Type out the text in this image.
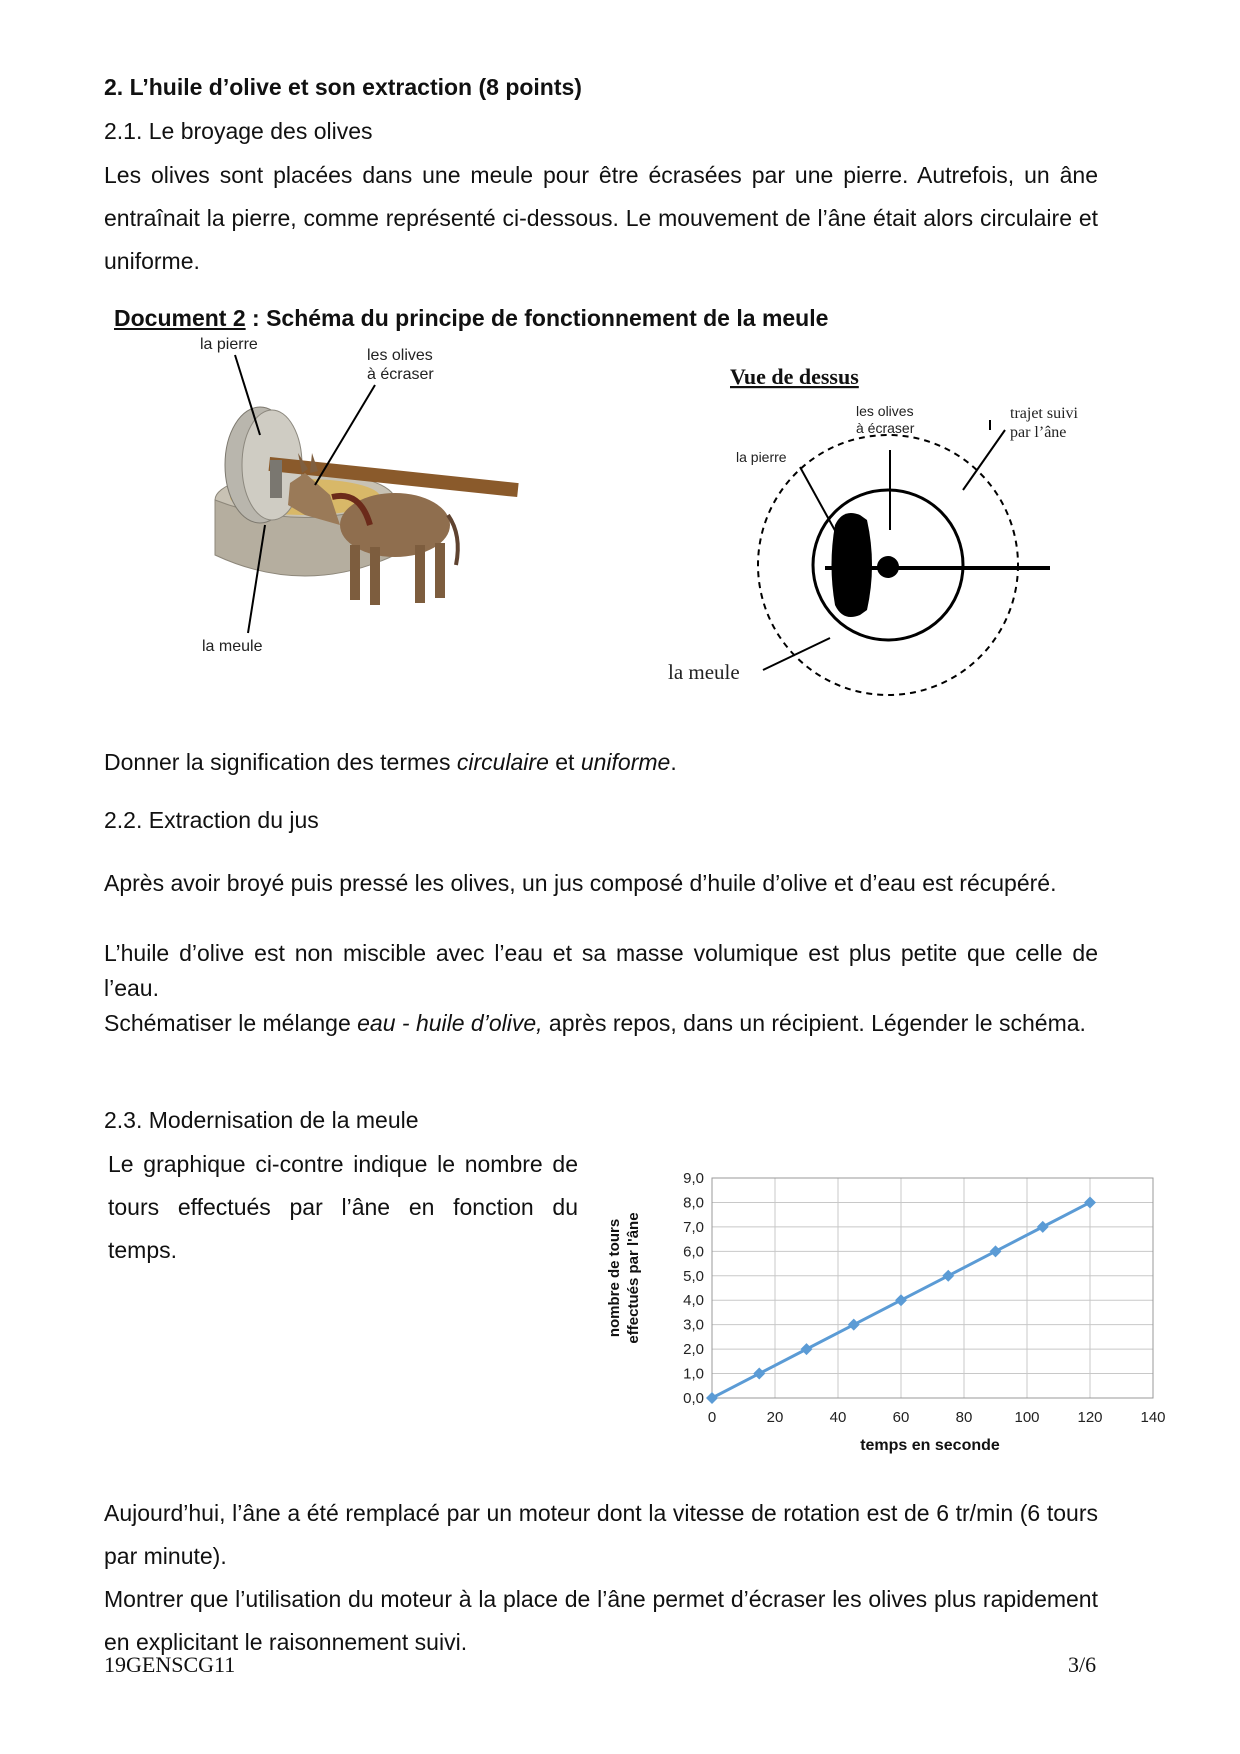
2. L’huile d’olive et son extraction (8 points)
2.1. Le broyage des olives
Les olives sont placées dans une meule pour être écrasées par une pierre. Autrefois, un âne entraînait la pierre, comme représenté ci-dessous. Le mouvement de l’âne était alors circulaire et uniforme.
Document 2 : Schéma du principe de fonctionnement de la meule
la pierre
les olives
à écraser
la meule
Vue de dessus
les olives
à écraser
la pierre
trajet suivi
par l’âne
la meule
Donner la signification des termes circulaire et uniforme.
2.2. Extraction du jus
Après avoir broyé puis pressé les olives, un jus composé d’huile d’olive et d’eau est récupéré.
L’huile d’olive est non miscible avec l’eau et sa masse volumique est plus petite que celle de l’eau.
Schématiser le mélange eau - huile d’olive, après repos, dans un récipient. Légender le schéma.
2.3. Modernisation de la meule
Le graphique ci-contre indique le nombre de tours effectués par l’âne en fonction du temps.
0,0
1,0
2,0
3,0
4,0
5,0
6,0
7,0
8,0
9,0
0	20	40	60	80	100	120	140
temps en seconde
nombre de tours effectués par l'âne
Aujourd’hui, l’âne a été remplacé par un moteur dont la vitesse de rotation est de 6 tr/min (6 tours par minute).
Montrer que l’utilisation du moteur à la place de l’âne permet d’écraser les olives plus rapidement en explicitant le raisonnement suivi.
19GENSCG11	3/6
